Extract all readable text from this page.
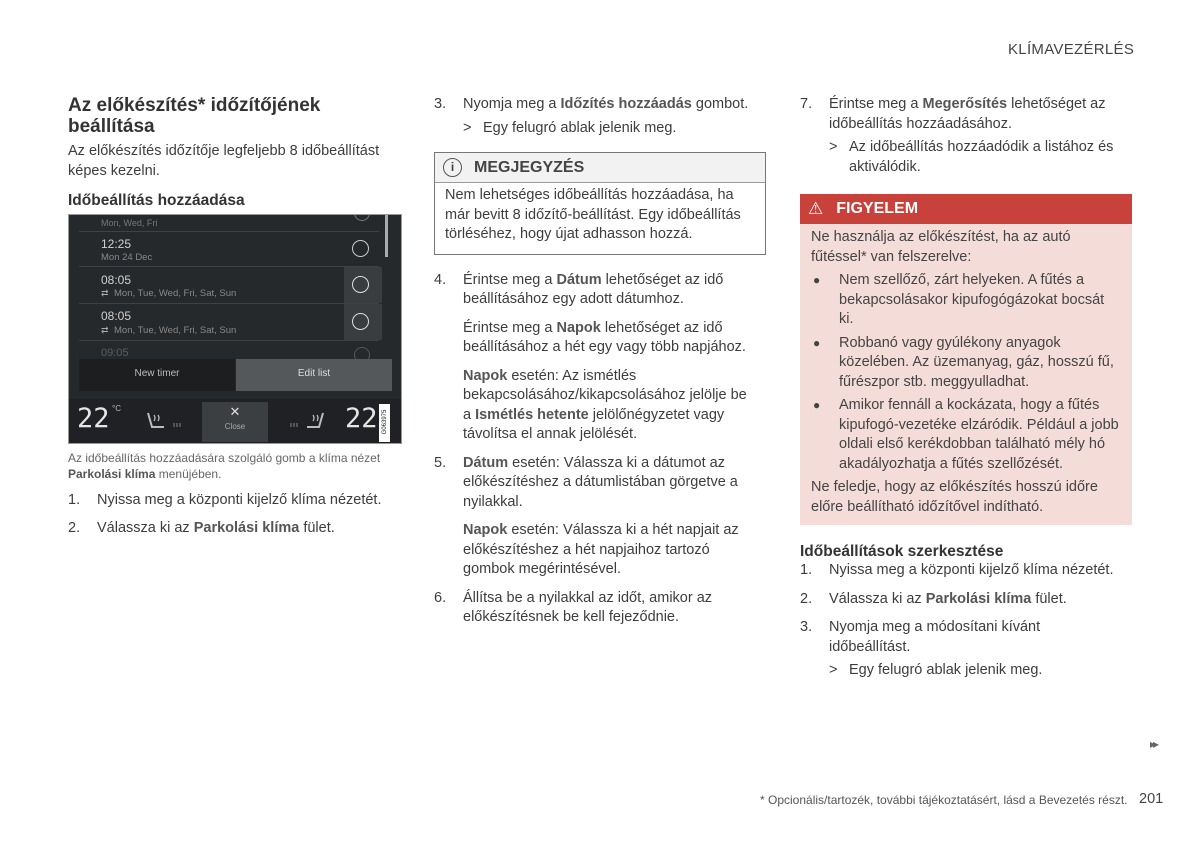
KLÍMAVEZÉRLÉS
Az előkészítés* időzítőjének beállítása

Az előkészítés időzítője legfeljebb 8 időbeállítást képes kezelni.

Időbeállítás hozzáadása
Mon, Wed, Fri
12:25
Mon 24 Dec
08:05
⇄ Mon, Tue, Wed, Fri, Sat, Sun
08:05
⇄ Mon, Tue, Wed, Fri, Sat, Sun
09:05
New timer	Edit list
22 °C	✕
Close	22 G063975

Az időbeállítás hozzáadására szolgáló gomb a klíma nézet Parkolási klíma menüjében.

1.	Nyissa meg a központi kijelző klíma nézetét.
2.	Válassza ki az Parkolási klíma fület.
3.	Nyomja meg a Időzítés hozzáadás gombot.
> Egy felugró ablak jelenik meg.
i	MEGJEGYZÉS
Nem lehetséges időbeállítás hozzáadása, ha már bevitt 8 időzítő-beállítást. Egy időbeállítás törléséhez, hogy újat adhasson hozzá.
4.	Érintse meg a Dátum lehetőséget az idő beállításához egy adott dátumhoz.

Érintse meg a Napok lehetőséget az idő beállításához a hét egy vagy több napjához.

Napok esetén: Az ismétlés bekapcsolásához/kikapcsolásához jelölje be a Ismétlés hetente jelölőnégyzetet vagy távolítsa el annak jelölését.

5.	Dátum esetén: Válassza ki a dátumot az előkészítéshez a dátumlistában görgetve a nyilakkal.

Napok esetén: Válassza ki a hét napjait az előkészítéshez a hét napjaihoz tartozó gombok megérintésével.

6.	Állítsa be a nyilakkal az időt, amikor az előkészítésnek be kell fejeződnie.
7.	Érintse meg a Megerősítés lehetőséget az időbeállítás hozzáadásához.
> Az időbeállítás hozzáadódik a listához és aktiválódik.
⚠ FIGYELEM

Ne használja az előkészítést, ha az autó fűtéssel* van felszerelve:

●	Nem szellőző, zárt helyeken. A fűtés a bekapcsolásakor kipufogógázokat bocsát ki.
●	Robbanó vagy gyúlékony anyagok közelében. Az üzemanyag, gáz, hosszú fű, fűrészpor stb. meggyulladhat.
●	Amikor fennáll a kockázata, hogy a fűtés kipufogó-vezetéke elzáródik. Például a jobb oldali első kerékdobban található mély hó akadályozhatja a fűtés szellőzését.

Ne feledje, hogy az előkészítés hosszú időre előre beállítható időzítővel indítható.

Időbeállítások szerkesztése
1.	Nyissa meg a központi kijelző klíma nézetét.
2.	Válassza ki az Parkolási klíma fület.
3.	Nyomja meg a módosítani kívánt időbeállítást.
> Egy felugró ablak jelenik meg.
▸▸
* Opcionális/tartozék, további tájékoztatásért, lásd a Bevezetés részt. 201
